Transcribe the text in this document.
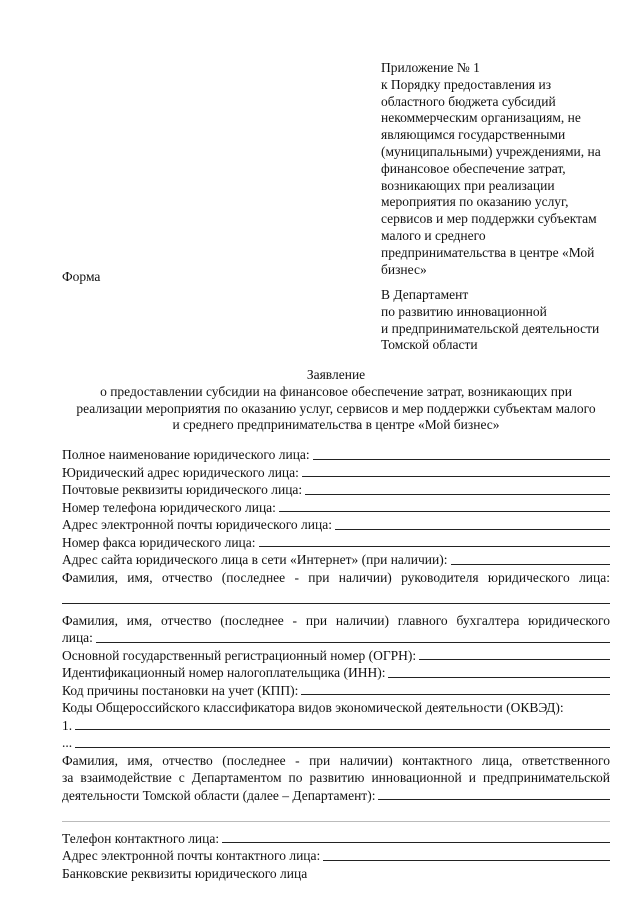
Приложение № 1
к Порядку предоставления из
областного бюджета субсидий
некоммерческим организациям, не
являющимся государственными
(муниципальными) учреждениями, на
финансовое обеспечение затрат,
возникающих при реализации
мероприятия по оказанию услуг,
сервисов и мер поддержки субъектам
малого и среднего
предпринимательства в центре «Мой
бизнес»
Форма
В Департамент
по развитию инновационной
и предпринимательской деятельности
Томской области
Заявление
о предоставлении субсидии на финансовое обеспечение затрат, возникающих при
реализации мероприятия по оказанию услуг, сервисов и мер поддержки субъектам малого
и среднего предпринимательства в центре «Мой бизнес»
Полное наименование юридического лица:
Юридический адрес юридического лица:
Почтовые реквизиты юридического лица:
Номер телефона юридического лица:
Адрес электронной почты юридического лица:
Номер факса юридического лица:
Адрес сайта юридического лица в сети «Интернет» (при наличии):
Фамилия, имя, отчество (последнее - при наличии) руководителя юридического лица:
Фамилия, имя, отчество (последнее - при наличии) главного бухгалтера юридического
лица:
Основной государственный регистрационный номер (ОГРН):
Идентификационный номер налогоплательщика (ИНН):
Код причины постановки на учет (КПП):
Коды Общероссийского классификатора видов экономической деятельности (ОКВЭД):
1.
...
Фамилия, имя, отчество (последнее - при наличии) контактного лица, ответственного
за взаимодействие с Департаментом по развитию инновационной и предпринимательской
деятельности Томской области (далее – Департамент):
Телефон контактного лица:
Адрес электронной почты контактного лица:
Банковские реквизиты юридического лица
